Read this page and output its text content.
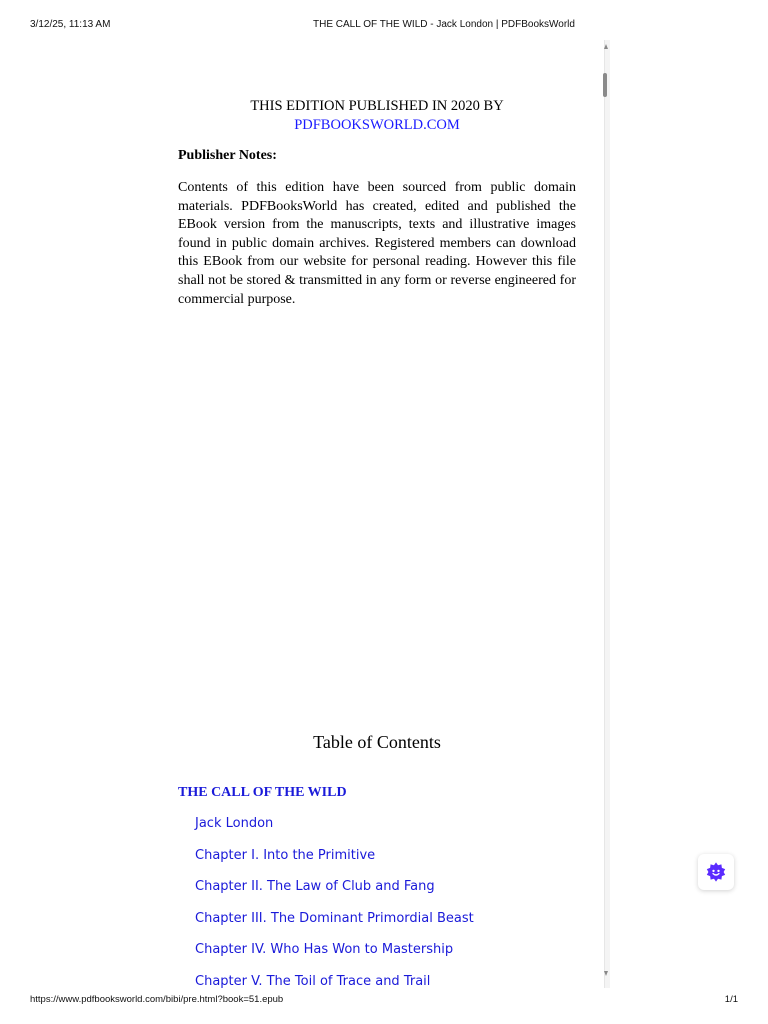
3/12/25, 11:13 AM	THE CALL OF THE WILD - Jack London | PDFBooksWorld
THIS EDITION PUBLISHED IN 2020 BY
PDFBOOKSWORLD.COM
Publisher Notes:
Contents of this edition have been sourced from public domain materials. PDFBooksWorld has created, edited and published the EBook version from the manuscripts, texts and illustrative images found in public domain archives. Registered members can download this EBook from our website for personal reading. However this file shall not be stored & transmitted in any form or reverse engineered for commercial purpose.
Table of Contents
THE CALL OF THE WILD
Jack London
Chapter I. Into the Primitive
Chapter II. The Law of Club and Fang
Chapter III. The Dominant Primordial Beast
Chapter IV. Who Has Won to Mastership
Chapter V. The Toil of Trace and Trail
https://www.pdfbooksworld.com/bibi/pre.html?book=51.epub	1/1
